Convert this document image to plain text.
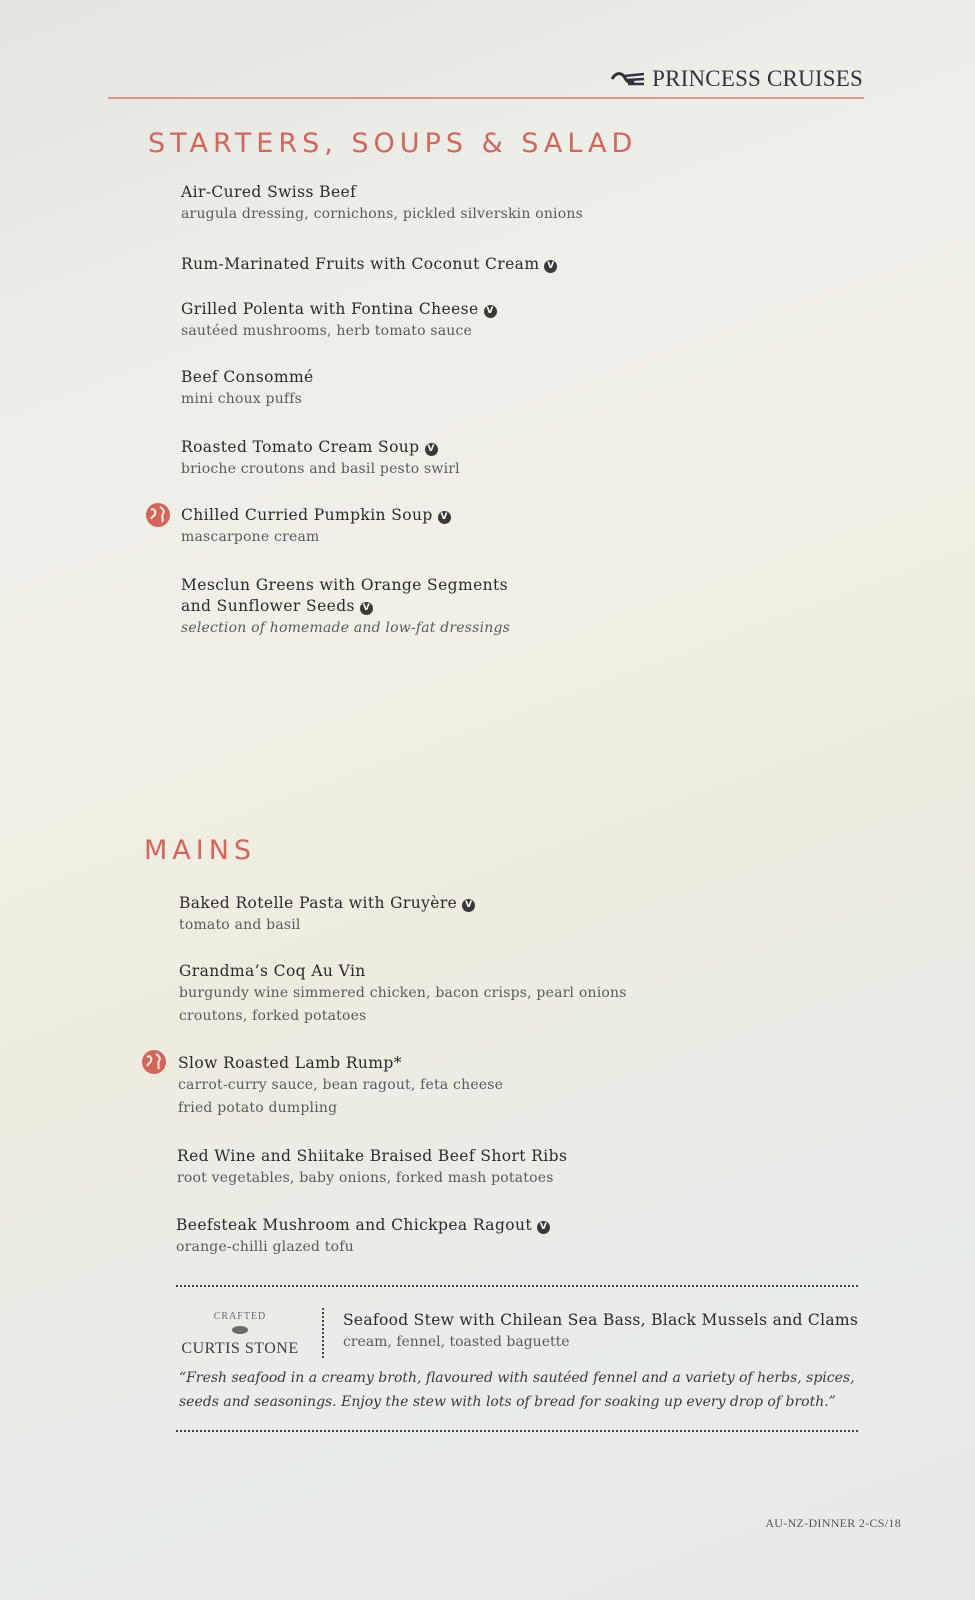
PRINCESS CRUISES
STARTERS, SOUPS & SALAD
Air-Cured Swiss Beef
arugula dressing, cornichons, pickled silverskin onions
Rum-Marinated Fruits with Coconut Cream V
Grilled Polenta with Fontina Cheese V
sautéed mushrooms, herb tomato sauce
Beef Consommé
mini choux puffs
Roasted Tomato Cream Soup V
brioche croutons and basil pesto swirl
Chilled Curried Pumpkin Soup V
mascarpone cream
Mesclun Greens with Orange Segments
and Sunflower Seeds V
selection of homemade and low-fat dressings
MAINS
Baked Rotelle Pasta with Gruyère V
tomato and basil
Grandma’s Coq Au Vin
burgundy wine simmered chicken, bacon crisps, pearl onions
croutons, forked potatoes
Slow Roasted Lamb Rump*
carrot-curry sauce, bean ragout, feta cheese
fried potato dumpling
Red Wine and Shiitake Braised Beef Short Ribs
root vegetables, baby onions, forked mash potatoes
Beefsteak Mushroom and Chickpea Ragout V
orange-chilli glazed tofu
CRAFTED
CURTIS STONE
Seafood Stew with Chilean Sea Bass, Black Mussels and Clams
cream, fennel, toasted baguette
“Fresh seafood in a creamy broth, flavoured with sautéed fennel and a variety of herbs, spices,
seeds and seasonings. Enjoy the stew with lots of bread for soaking up every drop of broth.”
AU-NZ-DINNER 2-CS/18
